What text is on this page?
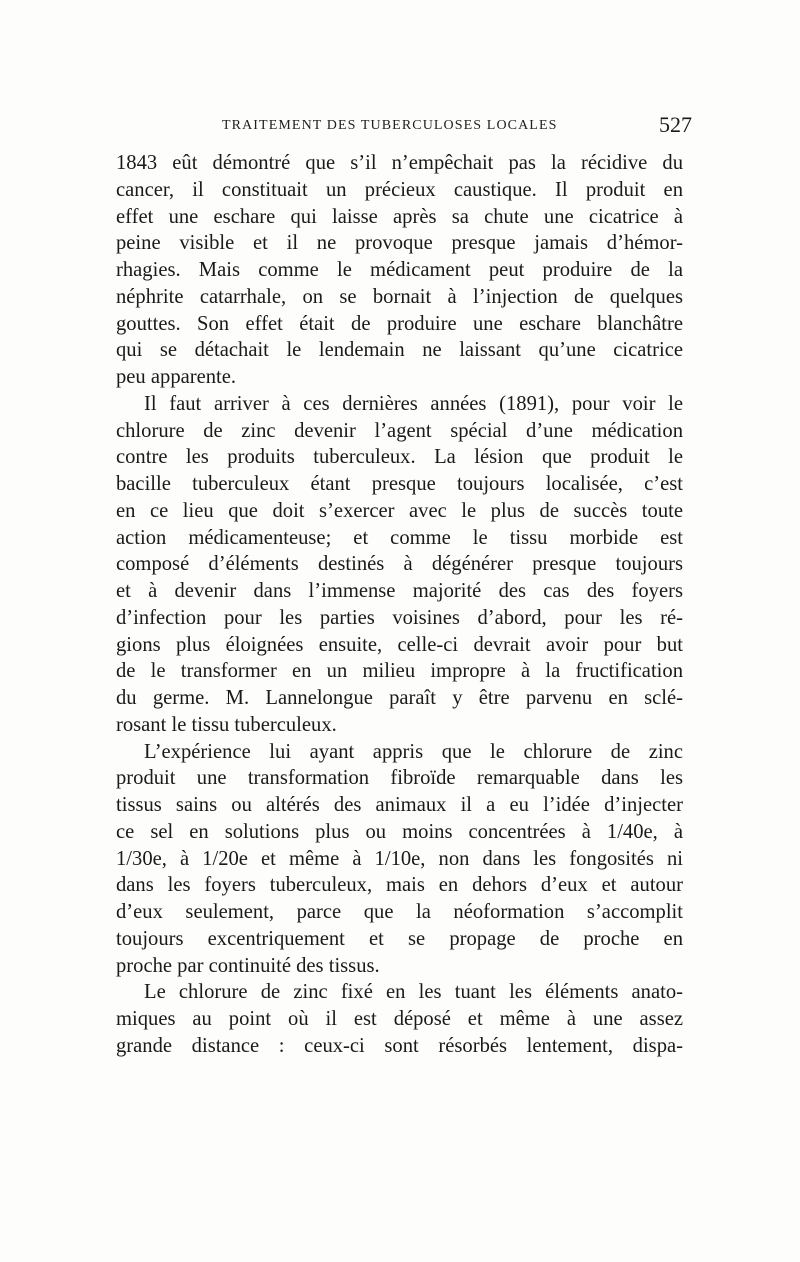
TRAITEMENT DES TUBERCULOSES LOCALES	527
1843 eût démontré que s’il n’empêchait pas la récidive du
cancer, il constituait un précieux caustique. Il produit en
effet une eschare qui laisse après sa chute une cicatrice à
peine visible et il ne provoque presque jamais d’hémor-
rhagies. Mais comme le médicament peut produire de la
néphrite catarrhale, on se bornait à l’injection de quelques
gouttes. Son effet était de produire une eschare blanchâtre
qui se détachait le lendemain ne laissant qu’une cicatrice
peu apparente.
Il faut arriver à ces dernières années (1891), pour voir le
chlorure de zinc devenir l’agent spécial d’une médication
contre les produits tuberculeux. La lésion que produit le
bacille tuberculeux étant presque toujours localisée, c’est
en ce lieu que doit s’exercer avec le plus de succès toute
action médicamenteuse; et comme le tissu morbide est
composé d’éléments destinés à dégénérer presque toujours
et à devenir dans l’immense majorité des cas des foyers
d’infection pour les parties voisines d’abord, pour les ré-
gions plus éloignées ensuite, celle-ci devrait avoir pour but
de le transformer en un milieu impropre à la fructification
du germe. M. Lannelongue paraît y être parvenu en sclé-
rosant le tissu tuberculeux.
L’expérience lui ayant appris que le chlorure de zinc
produit une transformation fibroïde remarquable dans les
tissus sains ou altérés des animaux il a eu l’idée d’injecter
ce sel en solutions plus ou moins concentrées à 1/40e, à
1/30e, à 1/20e et même à 1/10e, non dans les fongosités ni
dans les foyers tuberculeux, mais en dehors d’eux et autour
d’eux seulement, parce que la néoformation s’accomplit
toujours excentriquement et se propage de proche en
proche par continuité des tissus.
Le chlorure de zinc fixé en les tuant les éléments anato-
miques au point où il est déposé et même à une assez
grande distance : ceux-ci sont résorbés lentement, dispa-
